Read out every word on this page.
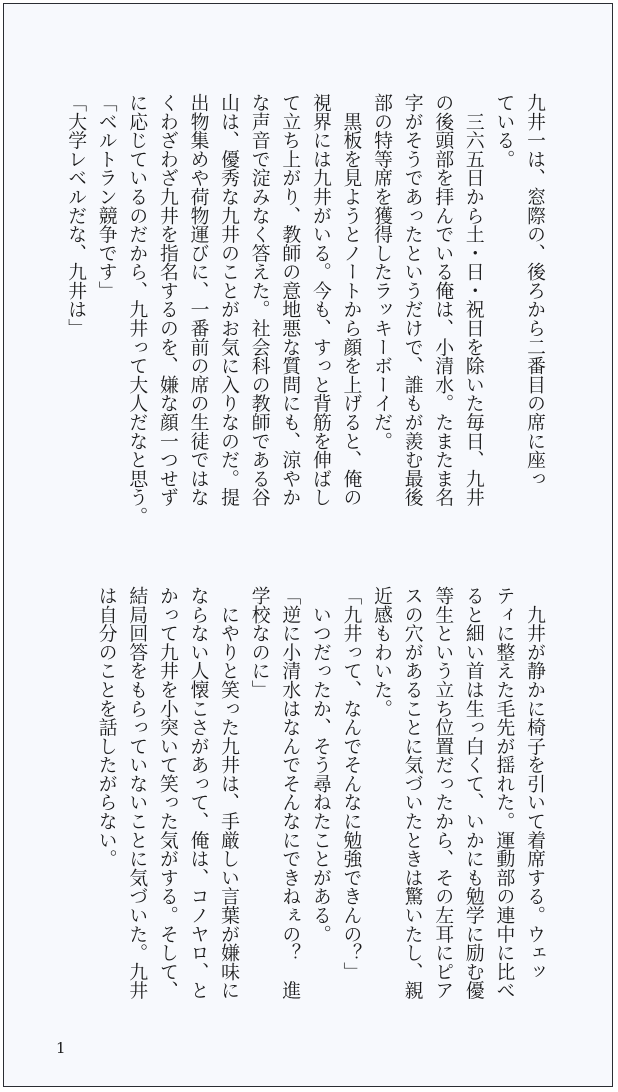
九井一は、窓際の、後ろから二番目の席に座っ
ている。
　三六五日から土・日・祝日を除いた毎日、九井
の後頭部を拝んでいる俺は、小清水。たまたま名
字がそうであったというだけで、誰もが羨む最後
部の特等席を獲得したラッキーボーイだ。
　黒板を見ようとノートから顔を上げると、俺の
視界には九井がいる。今も、すっと背筋を伸ばし
て立ち上がり、教師の意地悪な質問にも、涼やか
な声音で淀みなく答えた。社会科の教師である谷
山は、優秀な九井のことがお気に入りなのだ。提
出物集めや荷物運びに、一番前の席の生徒ではな
くわざわざ九井を指名するのを、嫌な顔一つせず
に応じているのだから、九井って大人だなと思う。
「ベルトラン競争です」
「大学レベルだな、九井は」
　九井が静かに椅子を引いて着席する。ウェッ
ティに整えた毛先が揺れた。運動部の連中に比べ
ると細い首は生っ白くて、いかにも勉学に励む優
等生という立ち位置だったから、その左耳にピア
スの穴があることに気づいたときは驚いたし、親
近感もわいた。
「九井って、なんでそんなに勉強できんの？」
　いつだったか、そう尋ねたことがある。
「逆に小清水はなんでそんなにできねぇの？　進
学校なのに」
　にやりと笑った九井は、手厳しい言葉が嫌味に
ならない人懐こさがあって、俺は、コノヤロ、と
かって九井を小突いて笑った気がする。そして、
結局回答をもらっていないことに気づいた。九井
は自分のことを話したがらない。
1
